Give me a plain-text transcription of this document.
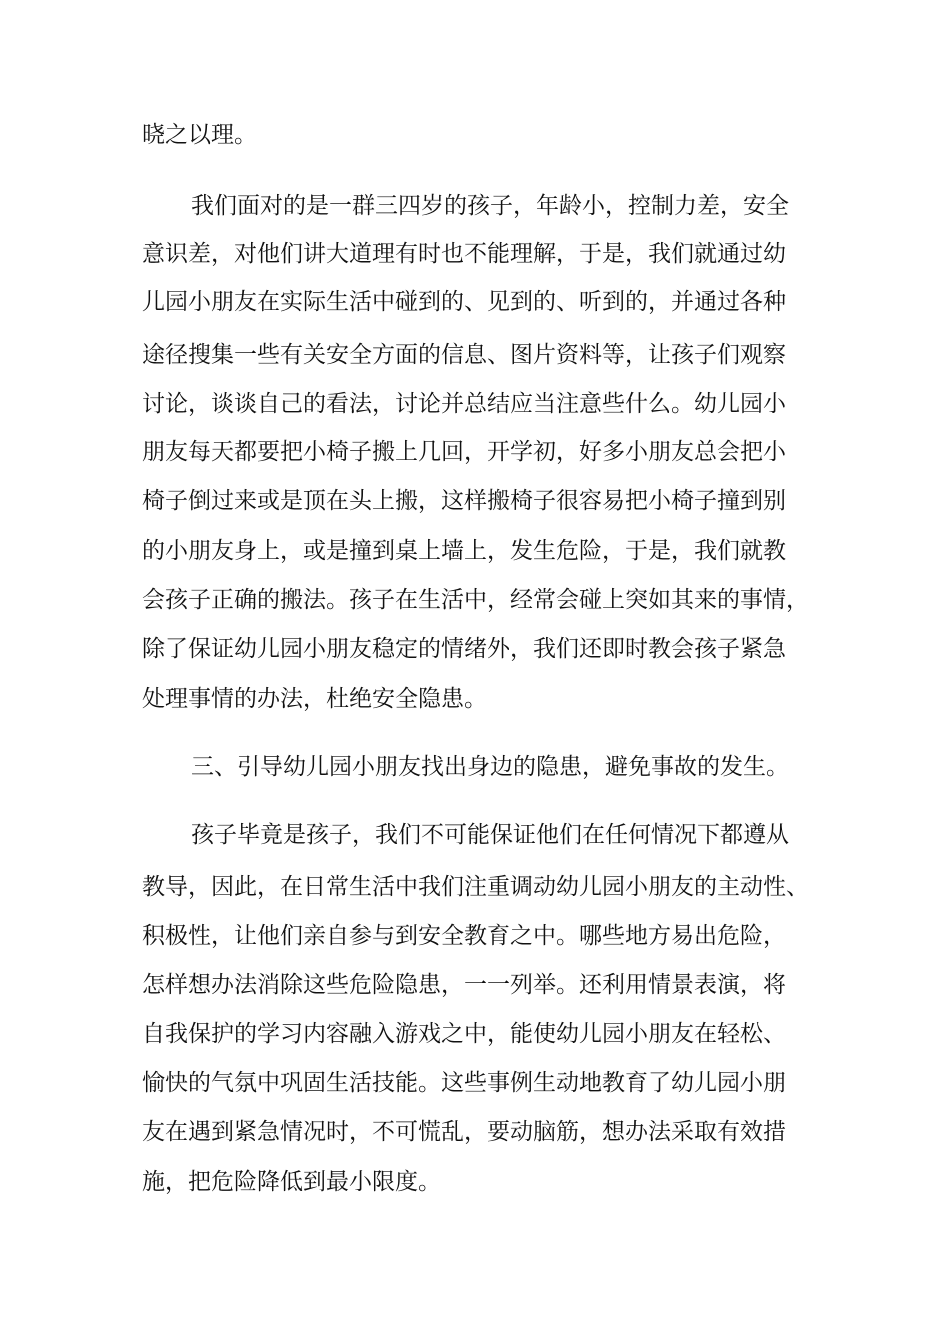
晓之以理。

我们面对的是一群三四岁的孩子，年龄小，控制力差，安全

意识差，对他们讲大道理有时也不能理解，于是，我们就通过幼

儿园小朋友在实际生活中碰到的、见到的、听到的，并通过各种

途径搜集一些有关安全方面的信息、图片资料等，让孩子们观察

讨论，谈谈自己的看法，讨论并总结应当注意些什么。幼儿园小

朋友每天都要把小椅子搬上几回，开学初，好多小朋友总会把小

椅子倒过来或是顶在头上搬，这样搬椅子很容易把小椅子撞到别

的小朋友身上，或是撞到桌上墙上，发生危险，于是，我们就教

会孩子正确的搬法。孩子在生活中，经常会碰上突如其来的事情，

除了保证幼儿园小朋友稳定的情绪外，我们还即时教会孩子紧急

处理事情的办法，杜绝安全隐患。

三、引导幼儿园小朋友找出身边的隐患，避免事故的发生。

孩子毕竟是孩子，我们不可能保证他们在任何情况下都遵从

教导，因此，在日常生活中我们注重调动幼儿园小朋友的主动性、

积极性，让他们亲自参与到安全教育之中。哪些地方易出危险，

怎样想办法消除这些危险隐患，一一列举。还利用情景表演，将

自我保护的学习内容融入游戏之中，能使幼儿园小朋友在轻松、

愉快的气氛中巩固生活技能。这些事例生动地教育了幼儿园小朋

友在遇到紧急情况时，不可慌乱，要动脑筋，想办法采取有效措

施，把危险降低到最小限度。
